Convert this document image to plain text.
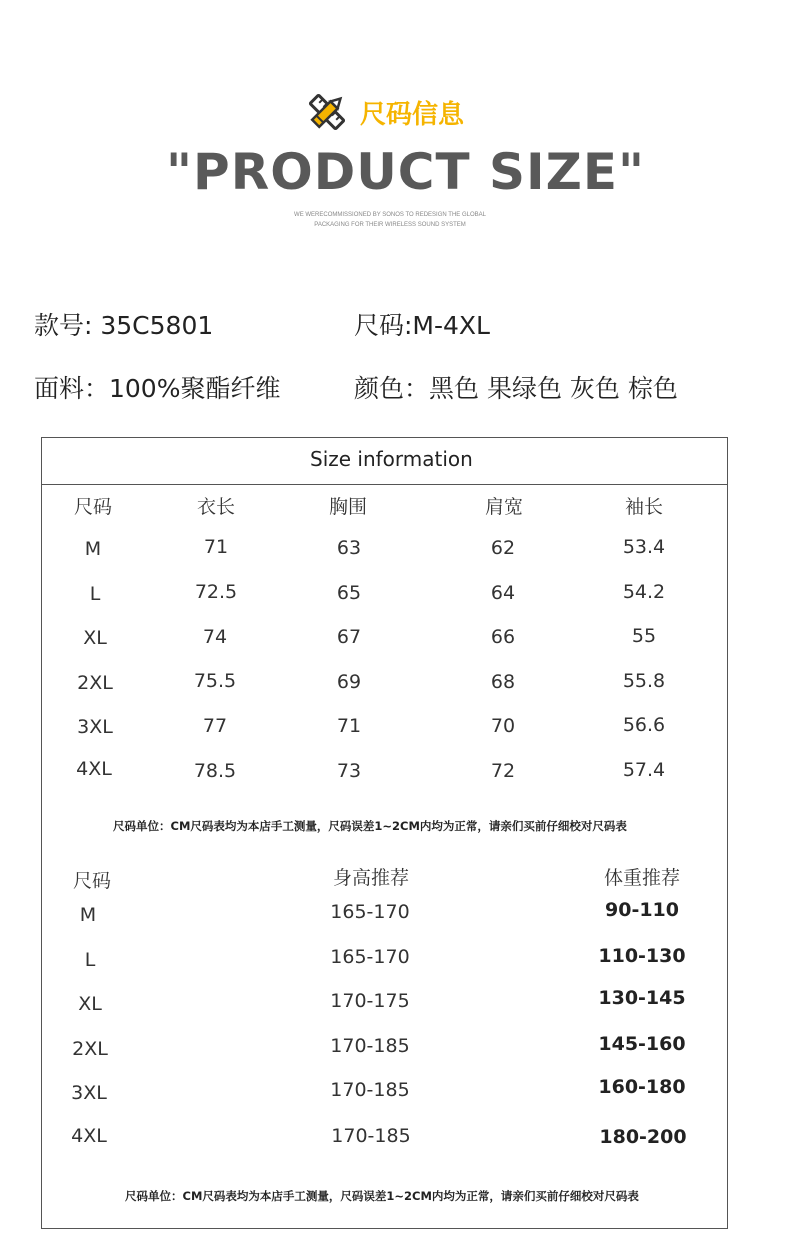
尺码信息
"PRODUCT SIZE"
WE WERECOMMISSIONED BY SONOS TO REDESIGN THE GLOBAL
PACKAGING FOR THEIR WIRELESS SOUND SYSTEM
款号: 35C5801	尺码:M-4XL
面料：100%聚酯纤维	颜色：黑色 果绿色 灰色 棕色
Size information
尺码	衣长	胸围	肩宽	袖长
M	71	63	62	53.4
L	72.5	65	64	54.2
XL	74	67	66	55
2XL	75.5	69	68	55.8
3XL	77	71	70	56.6
4XL	78.5	73	72	57.4
尺码单位：CM尺码表均为本店手工测量，尺码误差1~2CM内均为正常，请亲们买前仔细校对尺码表
尺码	身高推荐	体重推荐
M	165-170	90-110
L	165-170	110-130
XL	170-175	130-145
2XL	170-185	145-160
3XL	170-185	160-180
4XL	170-185	180-200
尺码单位：CM尺码表均为本店手工测量，尺码误差1~2CM内均为正常，请亲们买前仔细校对尺码表
